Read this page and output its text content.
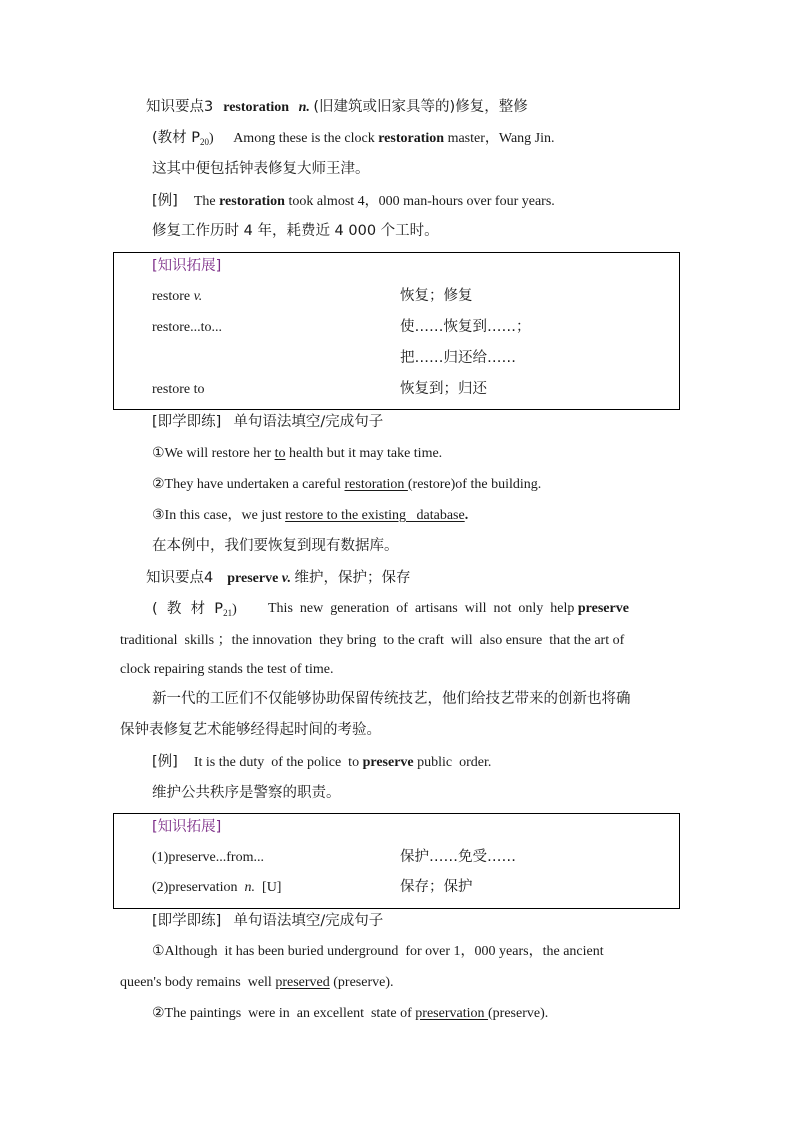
知识要点3 restoration n. (旧建筑或旧家具等的)修复，整修
(教材 $P_{20}$) Among these is the clock restoration master，Wang Jin.
这其中便包括钟表修复大师王津。
[例] The restoration took almost 4，000 man-hours over four years.
修复工作历时 4 年，耗费近 4 000 个工时。
[知识拓展]
restore v.	恢复；修复
restore...to...	使……恢复到……；
把……归还给……
restore to	恢复到；归还
[即学即练] 单句语法填空/完成句子
①We will restore her to health but it may take time.
②They have undertaken a careful restoration (restore)of the building.
③In this case，we just restore to the existing   database.
在本例中，我们要恢复到现有数据库。
知识要点4 preserve v. 维护，保护；保存
(  教  材  $P_{21}$) This  new  generation  of  artisans  will  not  only  help preserve
traditional  skills ；the innovation  they bring  to the craft  will  also ensure  that the art of
clock repairing stands the test of time.
新一代的工匠们不仅能够协助保留传统技艺，他们给技艺带来的创新也将确
保钟表修复艺术能够经得起时间的考验。
[例] It is the duty  of the police  to preserve public  order.
维护公共秩序是警察的职责。
[知识拓展]
(1)preserve...from...	保护……免受……
(2)preservation  n.  [U]	保存；保护
[即学即练] 单句语法填空/完成句子
①Although  it has been buried underground  for over 1，000 years，the ancient
queen's body remains  well preserved (preserve).
②The paintings  were in  an excellent  state of preservation (preserve).
